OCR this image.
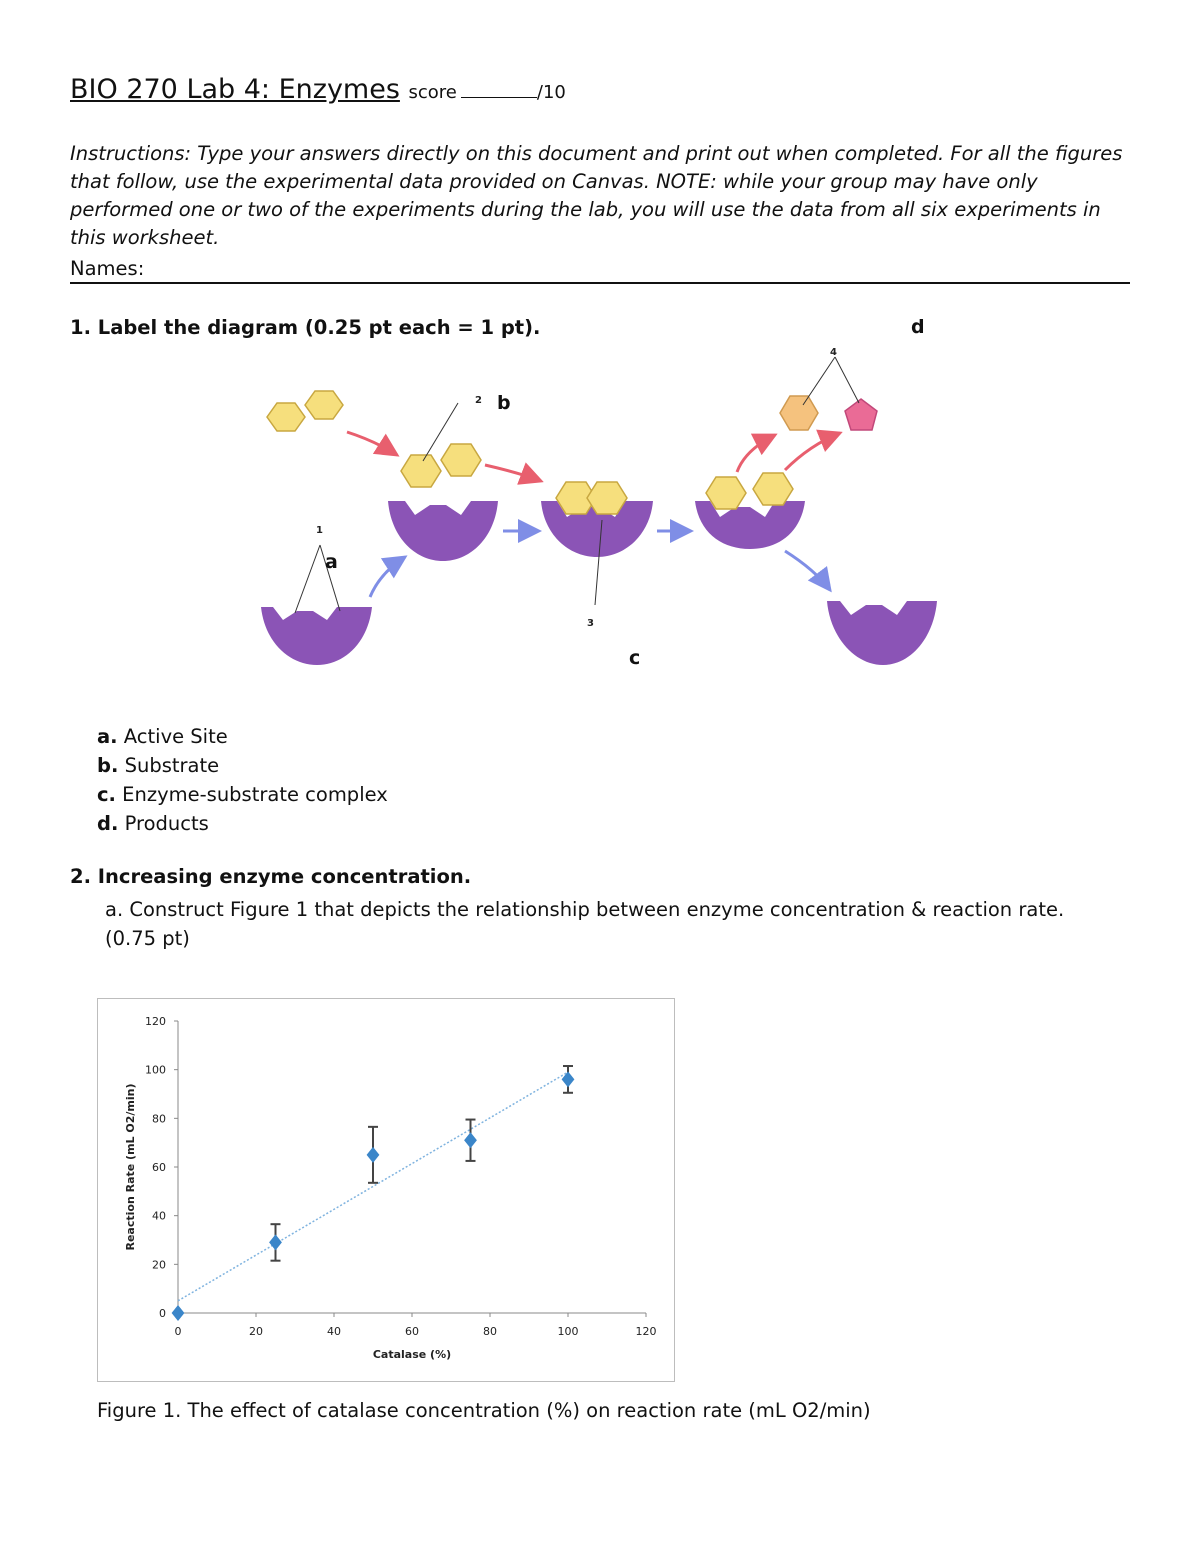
BIO 270 Lab 4: Enzymes score	/10
Instructions: Type your answers directly on this document and print out when completed. For all the figures that follow, use the experimental data provided on Canvas. NOTE: while your group may have only performed one or two of the experiments during the lab, you will use the data from all six experiments in this worksheet.
Names:
1. Label the diagram (0.25 pt each = 1 pt).
1
2
3
4
a
b
c
d
a. Active Site
b. Substrate
c. Enzyme-substrate complex
d. Products
2. Increasing enzyme concentration.
a. Construct Figure 1 that depicts the relationship between enzyme concentration & reaction rate. (0.75 pt)
0
20
40
60
80
100
120
0	20	40	60	80	100	120
Catalase (%)
Reaction Rate (mL O2/min)
Figure 1. The effect of catalase concentration (%) on reaction rate (mL O2/min)
